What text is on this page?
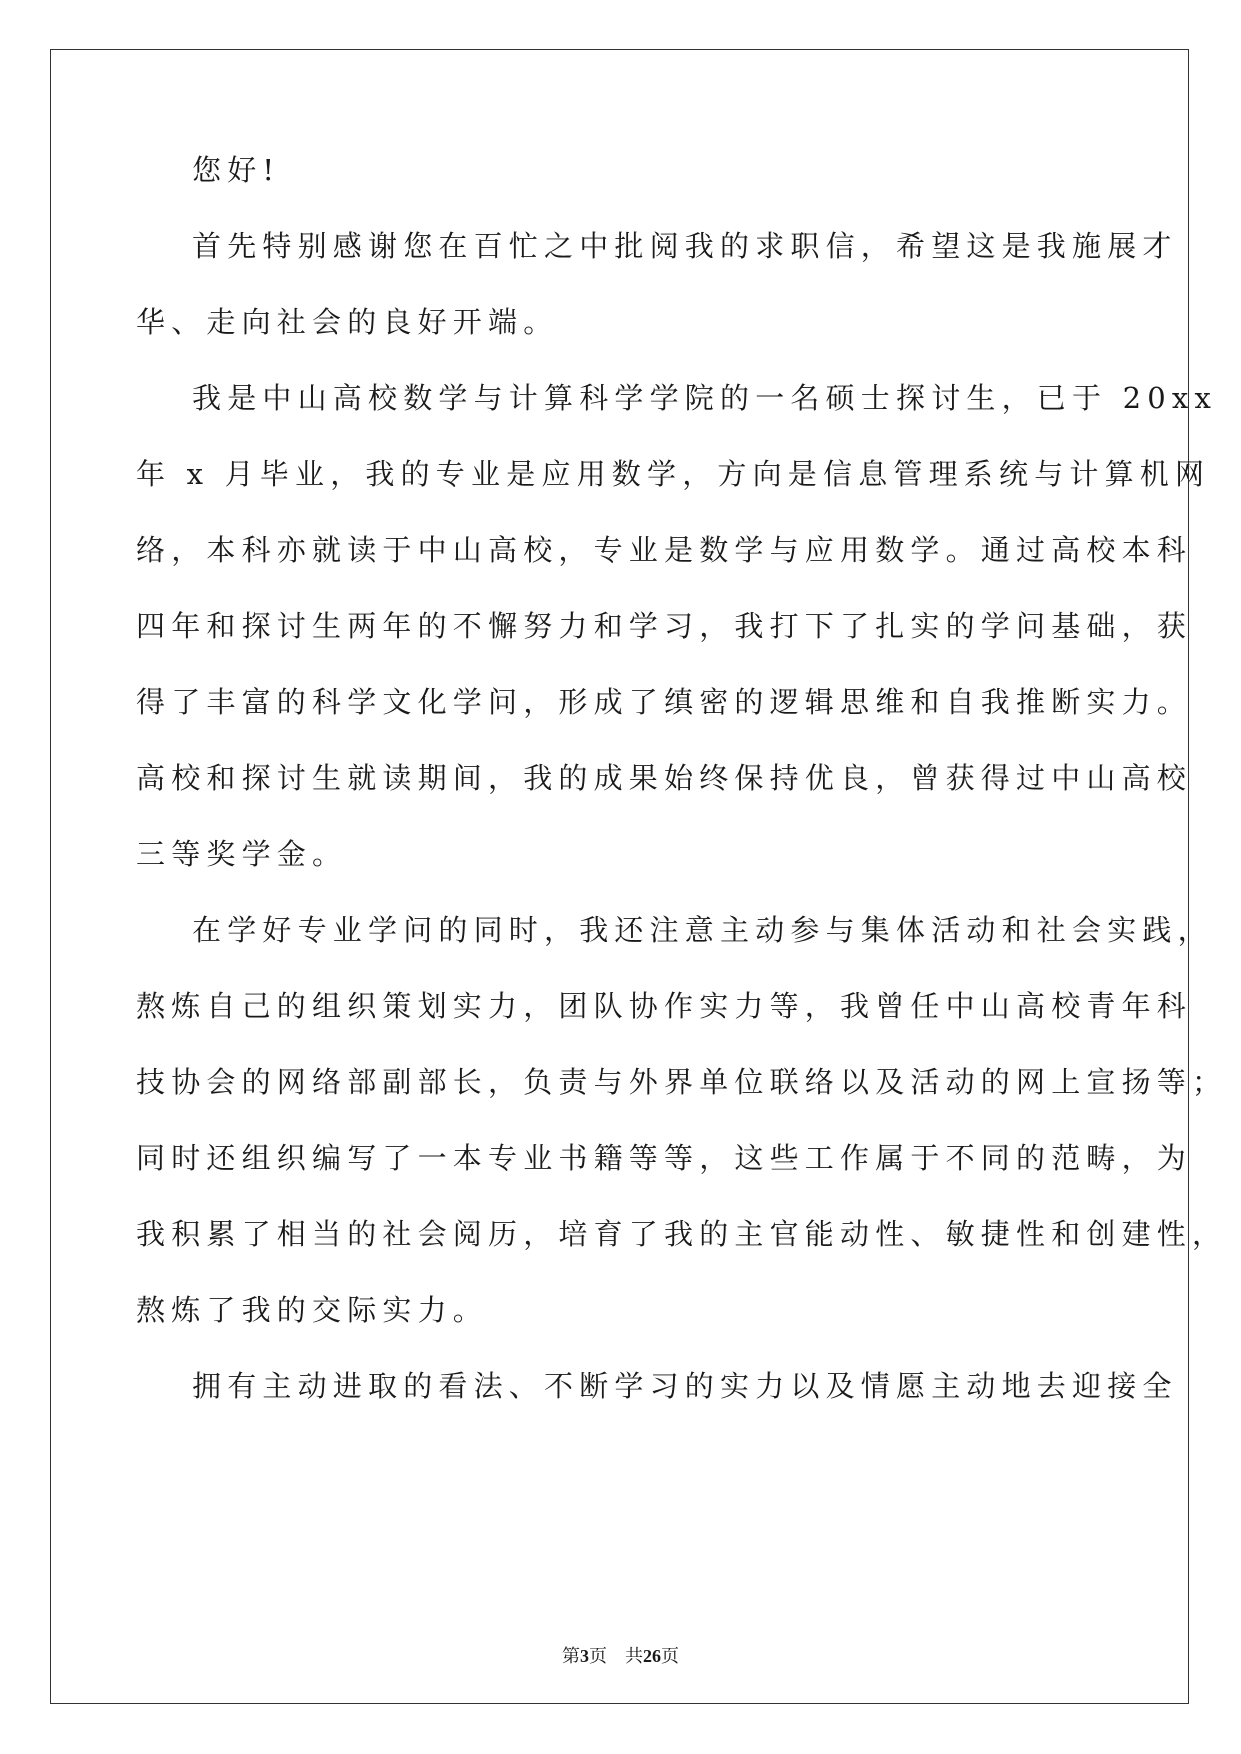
您好!
首先特别感谢您在百忙之中批阅我的求职信，希望这是我施展才
华、走向社会的良好开端。
我是中山高校数学与计算科学学院的一名硕士探讨生，已于 20xx
年 x 月毕业，我的专业是应用数学，方向是信息管理系统与计算机网
络，本科亦就读于中山高校，专业是数学与应用数学。通过高校本科
四年和探讨生两年的不懈努力和学习，我打下了扎实的学问基础，获
得了丰富的科学文化学问，形成了缜密的逻辑思维和自我推断实力。
高校和探讨生就读期间，我的成果始终保持优良，曾获得过中山高校
三等奖学金。
在学好专业学问的同时，我还注意主动参与集体活动和社会实践，
熬炼自己的组织策划实力，团队协作实力等，我曾任中山高校青年科
技协会的网络部副部长，负责与外界单位联络以及活动的网上宣扬等；
同时还组织编写了一本专业书籍等等，这些工作属于不同的范畴，为
我积累了相当的社会阅历，培育了我的主官能动性、敏捷性和创建性，
熬炼了我的交际实力。
拥有主动进取的看法、不断学习的实力以及情愿主动地去迎接全
第3页 共26页
